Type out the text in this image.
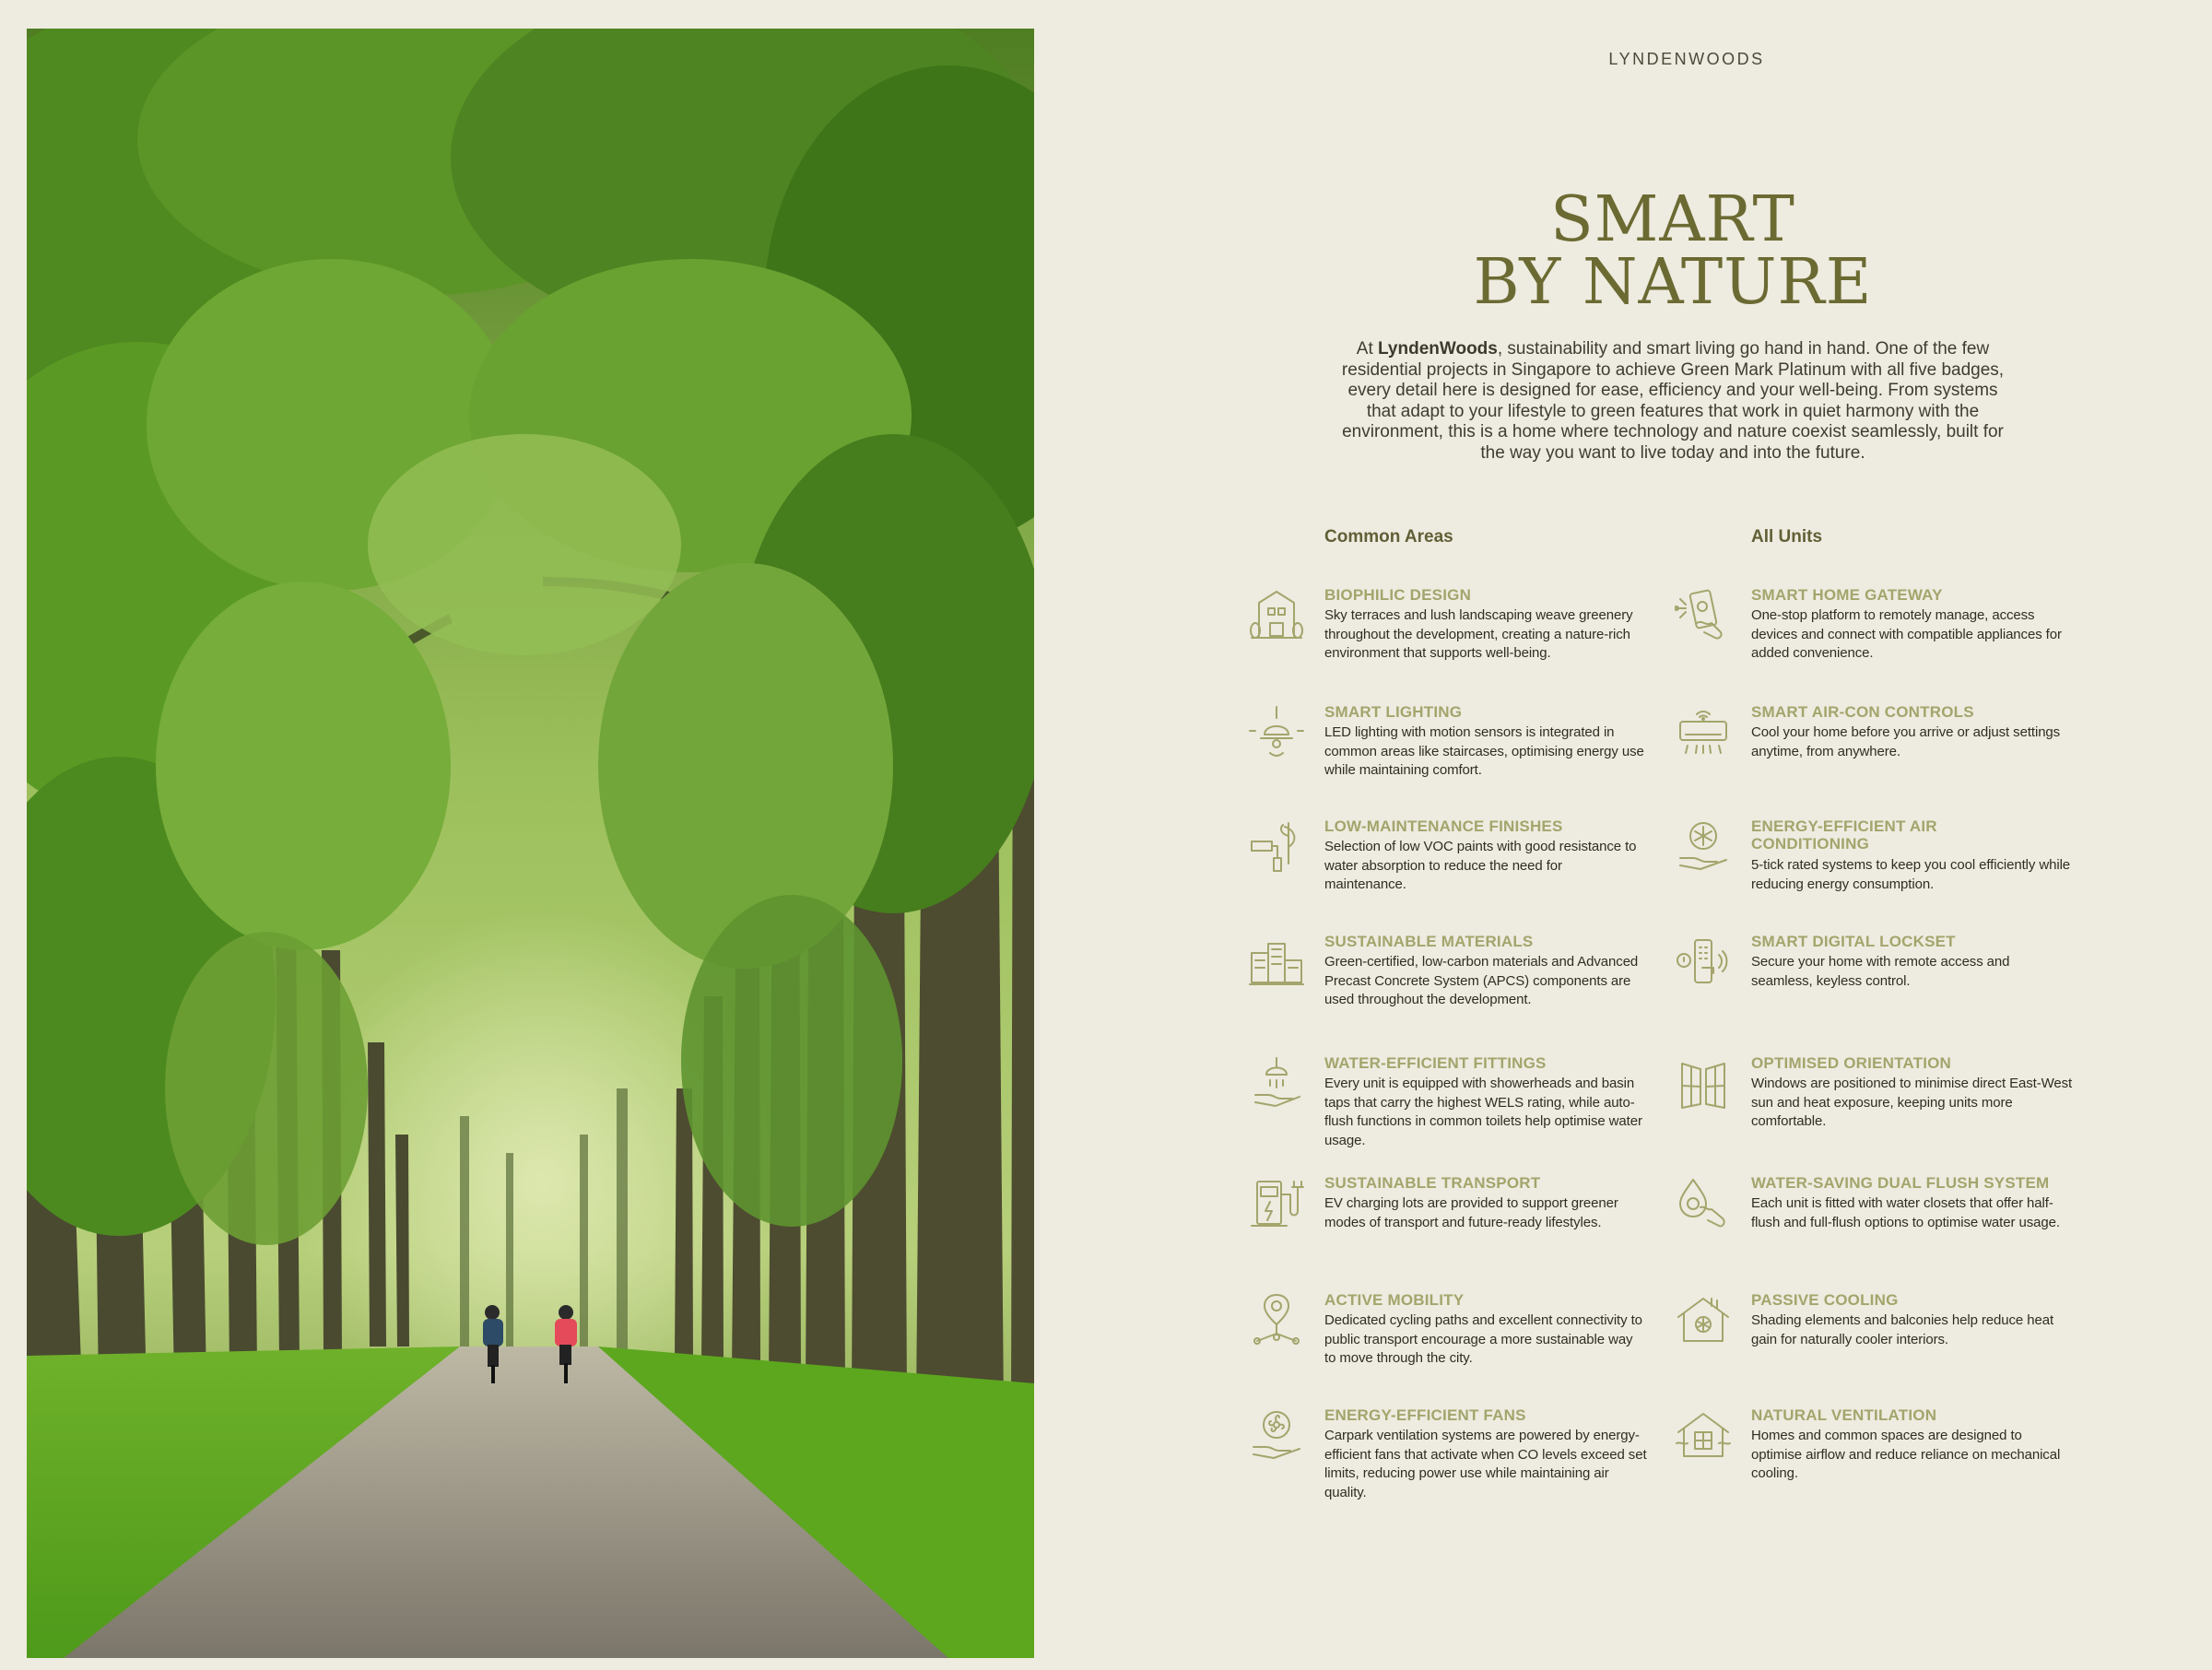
LYNDENWOODS
SMART
BY NATURE

At LyndenWoods, sustainability and smart living go hand in hand. One of the few residential projects in Singapore to achieve Green Mark Platinum with all five badges, every detail here is designed for ease, efficiency and your well-being. From systems that adapt to your lifestyle to green features that work in quiet harmony with the environment, this is a home where technology and nature coexist seamlessly, built for the way you want to live today and into the future.

Common Areas	All Units
BIOPHILIC DESIGN
Sky terraces and lush landscaping weave greenery throughout the development, creating a nature-rich environment that supports well-being.
SMART LIGHTING
LED lighting with motion sensors is integrated in common areas like staircases, optimising energy use while maintaining comfort.
LOW-MAINTENANCE FINISHES
Selection of low VOC paints with good resistance to water absorption to reduce the need for maintenance.
SUSTAINABLE MATERIALS
Green-certified, low-carbon materials and Advanced Precast Concrete System (APCS) components are used throughout the development.
WATER-EFFICIENT FITTINGS
Every unit is equipped with showerheads and basin taps that carry the highest WELS rating, while auto-flush functions in common toilets help optimise water usage.
SUSTAINABLE TRANSPORT
EV charging lots are provided to support greener modes of transport and future-ready lifestyles.
ACTIVE MOBILITY
Dedicated cycling paths and excellent connectivity to public transport encourage a more sustainable way to move through the city.
ENERGY-EFFICIENT FANS
Carpark ventilation systems are powered by energy-efficient fans that activate when CO levels exceed set limits, reducing power use while maintaining air quality.
SMART HOME GATEWAY
One-stop platform to remotely manage, access devices and connect with compatible appliances for added convenience.
SMART AIR-CON CONTROLS
Cool your home before you arrive or adjust settings anytime, from anywhere.
ENERGY-EFFICIENT AIR CONDITIONING
5-tick rated systems to keep you cool efficiently while reducing energy consumption.
SMART DIGITAL LOCKSET
Secure your home with remote access and seamless, keyless control.
OPTIMISED ORIENTATION
Windows are positioned to minimise direct East-West sun and heat exposure, keeping units more comfortable.
WATER-SAVING DUAL FLUSH SYSTEM
Each unit is fitted with water closets that offer half-flush and full-flush options to optimise water usage.
PASSIVE COOLING
Shading elements and balconies help reduce heat gain for naturally cooler interiors.
NATURAL VENTILATION
Homes and common spaces are designed to optimise airflow and reduce reliance on mechanical cooling.
